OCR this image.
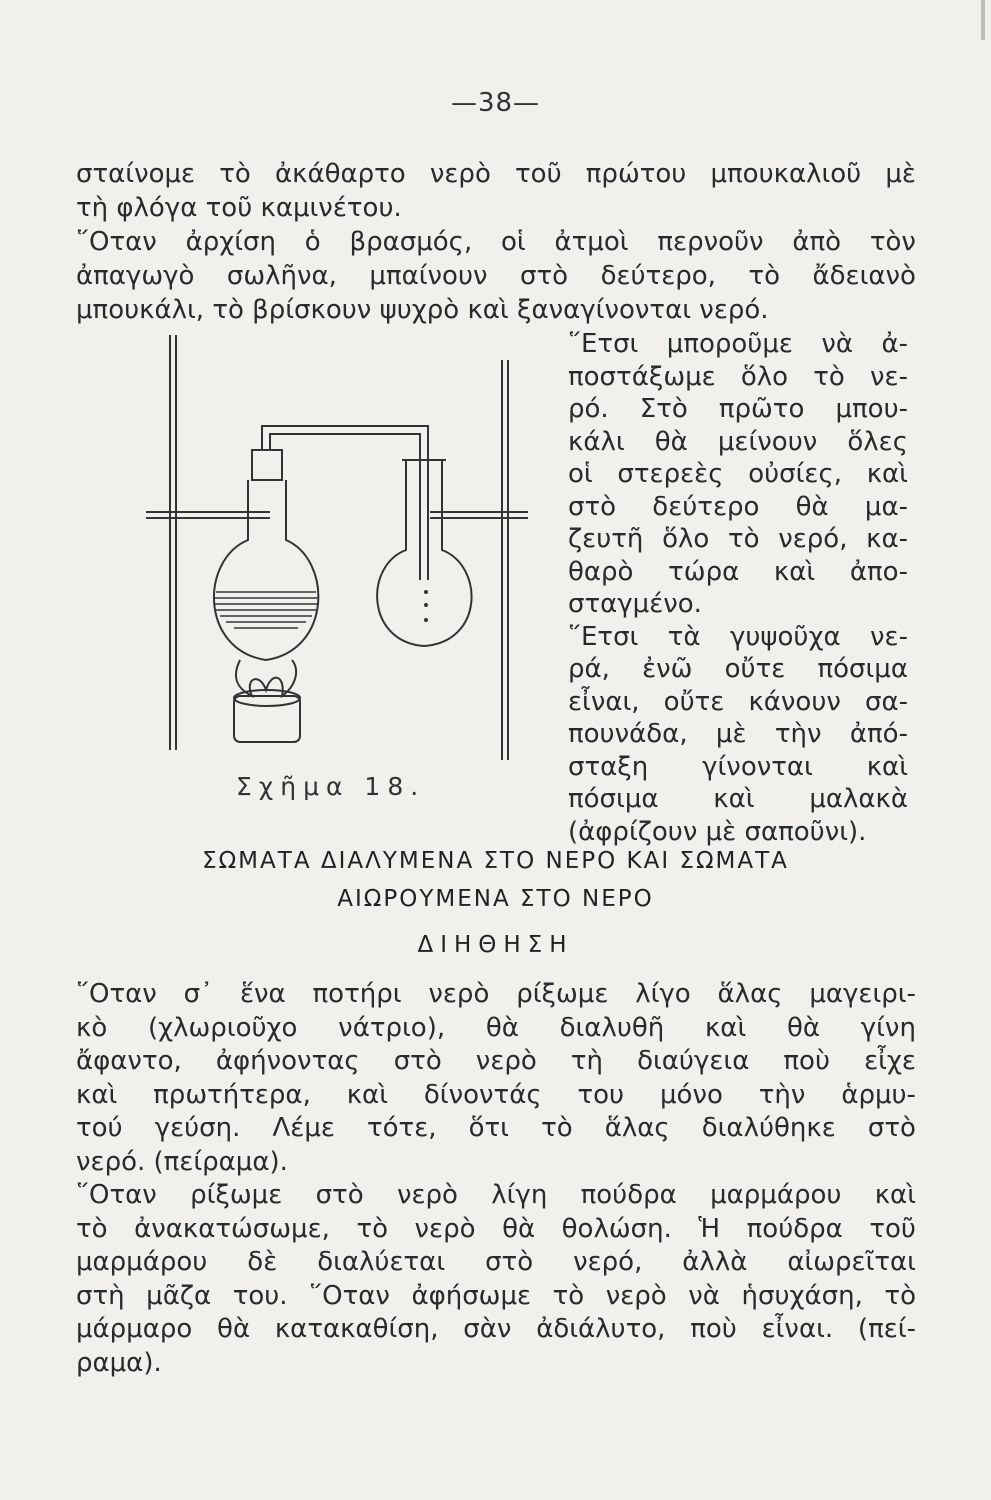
—38—
σταίνομε τὸ ἀκάθαρτο νερὸ τοῦ πρώτου μπουκαλιοῦ μὲ
τὴ φλόγα τοῦ καμινέτου.
῞Οταν ἀρχίση ὁ βρασμός, οἱ ἀτμοὶ περνοῦν ἀπὸ τὸν
ἀπαγωγὸ σωλῆνα, μπαίνουν στὸ δεύτερο, τὸ ἄδειανὸ
μπουκάλι, τὸ βρίσκουν ψυχρὸ καὶ ξαναγίνονται νερό.
῞Ετσι μποροῦμε νὰ ἀ-
ποστάξωμε ὅλο τὸ νε-
ρό. Στὸ πρῶτο μπου-
κάλι θὰ μείνουν ὅλες
οἱ στερεὲς οὐσίες, καὶ
στὸ δεύτερο θὰ μα-
ζευτῆ ὅλο τὸ νερό, κα-
θαρὸ τώρα καὶ ἀπο-
σταγμένο.
῞Ετσι τὰ γυψοῦχα νε-
ρά, ἐνῶ οὔτε πόσιμα
εἶναι, οὔτε κάνουν σα-
πουνάδα, μὲ τὴν ἀπό-
σταξη γίνονται καὶ
πόσιμα καὶ μαλακὰ
(ἀφρίζουν μὲ σαποῦνι).
Σχῆμα 18.
ΣΩΜΑΤΑ ΔΙΑΛΥΜΕΝΑ ΣΤΟ ΝΕΡΟ ΚΑΙ ΣΩΜΑΤΑ
ΑΙΩΡΟΥΜΕΝΑ ΣΤΟ ΝΕΡΟ
ΔΙΗΘΗΣΗ
῞Οταν σ᾿ ἕνα ποτήρι νερὸ ρίξωμε λίγο ἅλας μαγειρι-
κὸ (χλωριοῦχο νάτριο), θὰ διαλυθῆ καὶ θὰ γίνη
ἄφαντο, ἀφήνοντας στὸ νερὸ τὴ διαύγεια ποὺ εἶχε
καὶ πρωτήτερα, καὶ δίνοντάς του μόνο τὴν ἁρμυ-
τού γεύση. Λέμε τότε, ὅτι τὸ ἅλας διαλύθηκε στὸ
νερό. (πείραμα).
῞Οταν ρίξωμε στὸ νερὸ λίγη πούδρα μαρμάρου καὶ
τὸ ἀνακατώσωμε, τὸ νερὸ θὰ θολώση. Ἡ πούδρα τοῦ
μαρμάρου δὲ διαλύεται στὸ νερό, ἀλλὰ αἰωρεῖται
στὴ μᾶζα του. ῞Οταν ἀφήσωμε τὸ νερὸ νὰ ἡσυχάση, τὸ
μάρμαρο θὰ κατακαθίση, σὰν ἀδιάλυτο, ποὺ εἶναι. (πεί-
ραμα).
